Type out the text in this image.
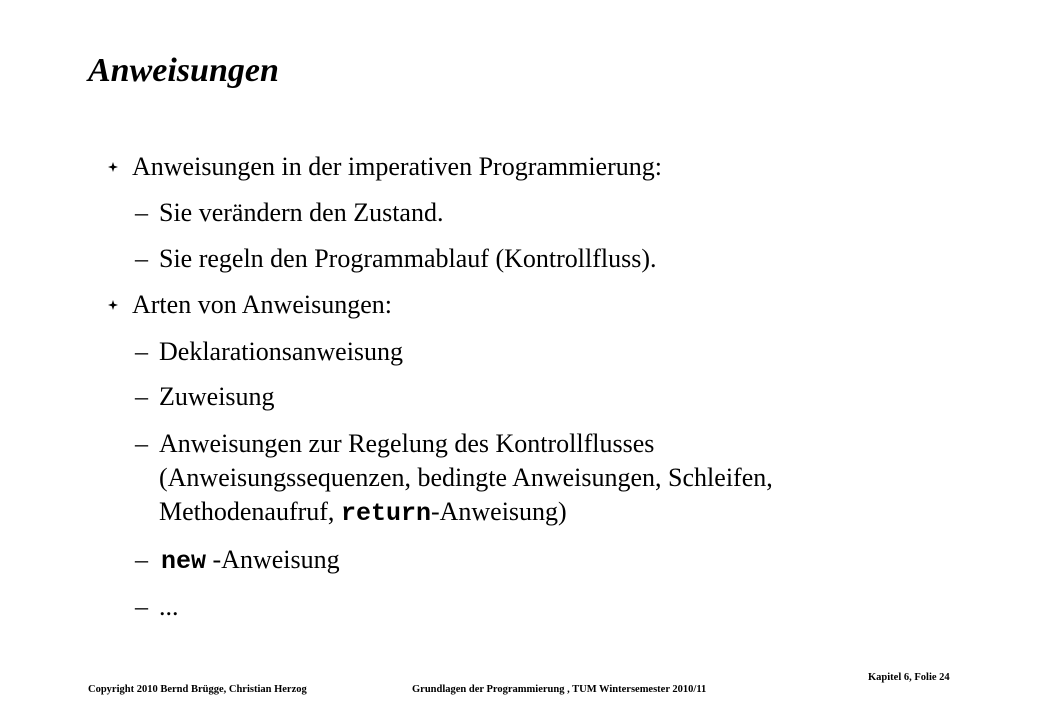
Anweisungen
Anweisungen in der imperativen Programmierung:
– Sie verändern den Zustand.
– Sie regeln den Programmablauf (Kontrollfluss).
Arten von Anweisungen:
– Deklarationsanweisung
– Zuweisung
– Anweisungen zur Regelung des Kontrollflusses
(Anweisungssequenzen, bedingte Anweisungen, Schleifen,
Methodenaufruf, return-Anweisung)
– new -Anweisung
– ...
Copyright 2010 Bernd Brügge, Christian Herzog	Grundlagen der Programmierung , TUM Wintersemester 2010/11
Kapitel 6, Folie 24
